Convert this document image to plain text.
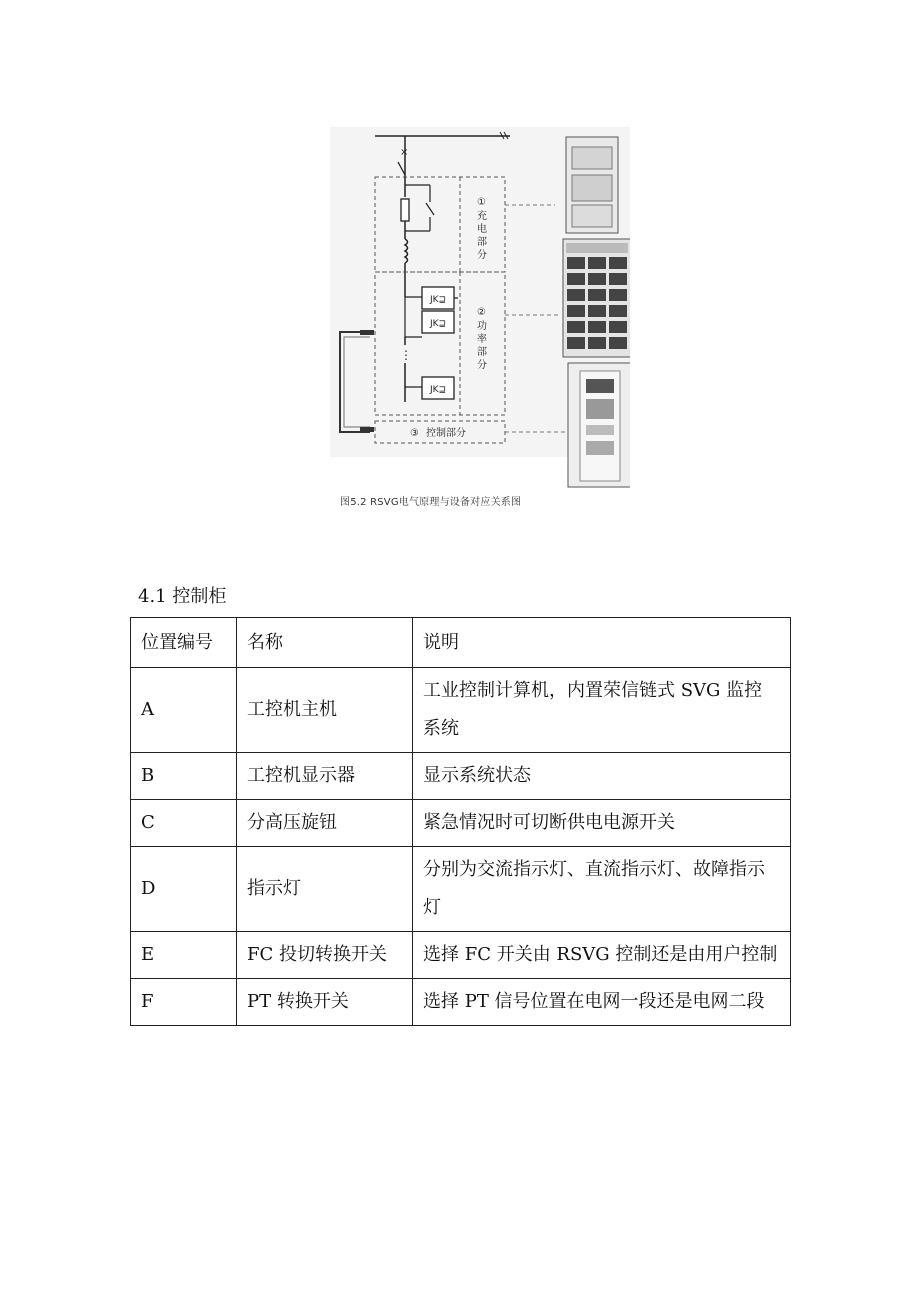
×
①
充
电
部
分
JK⊒
JK⊒
⋮
JK⊒
②
功
率
部
分
③ 控制部分
图5.2 RSVG电气原理与设备对应关系图
4.1 控制柜
位置编号	名称	说明
A	工控机主机	工业控制计算机，内置荣信链式 SVG 监控系统
B	工控机显示器	显示系统状态
C	分高压旋钮	紧急情况时可切断供电电源开关
D	指示灯	分别为交流指示灯、直流指示灯、故障指示灯
E	FC 投切转换开关	选择 FC 开关由 RSVG 控制还是由用户控制
F	PT 转换开关	选择 PT 信号位置在电网一段还是电网二段
